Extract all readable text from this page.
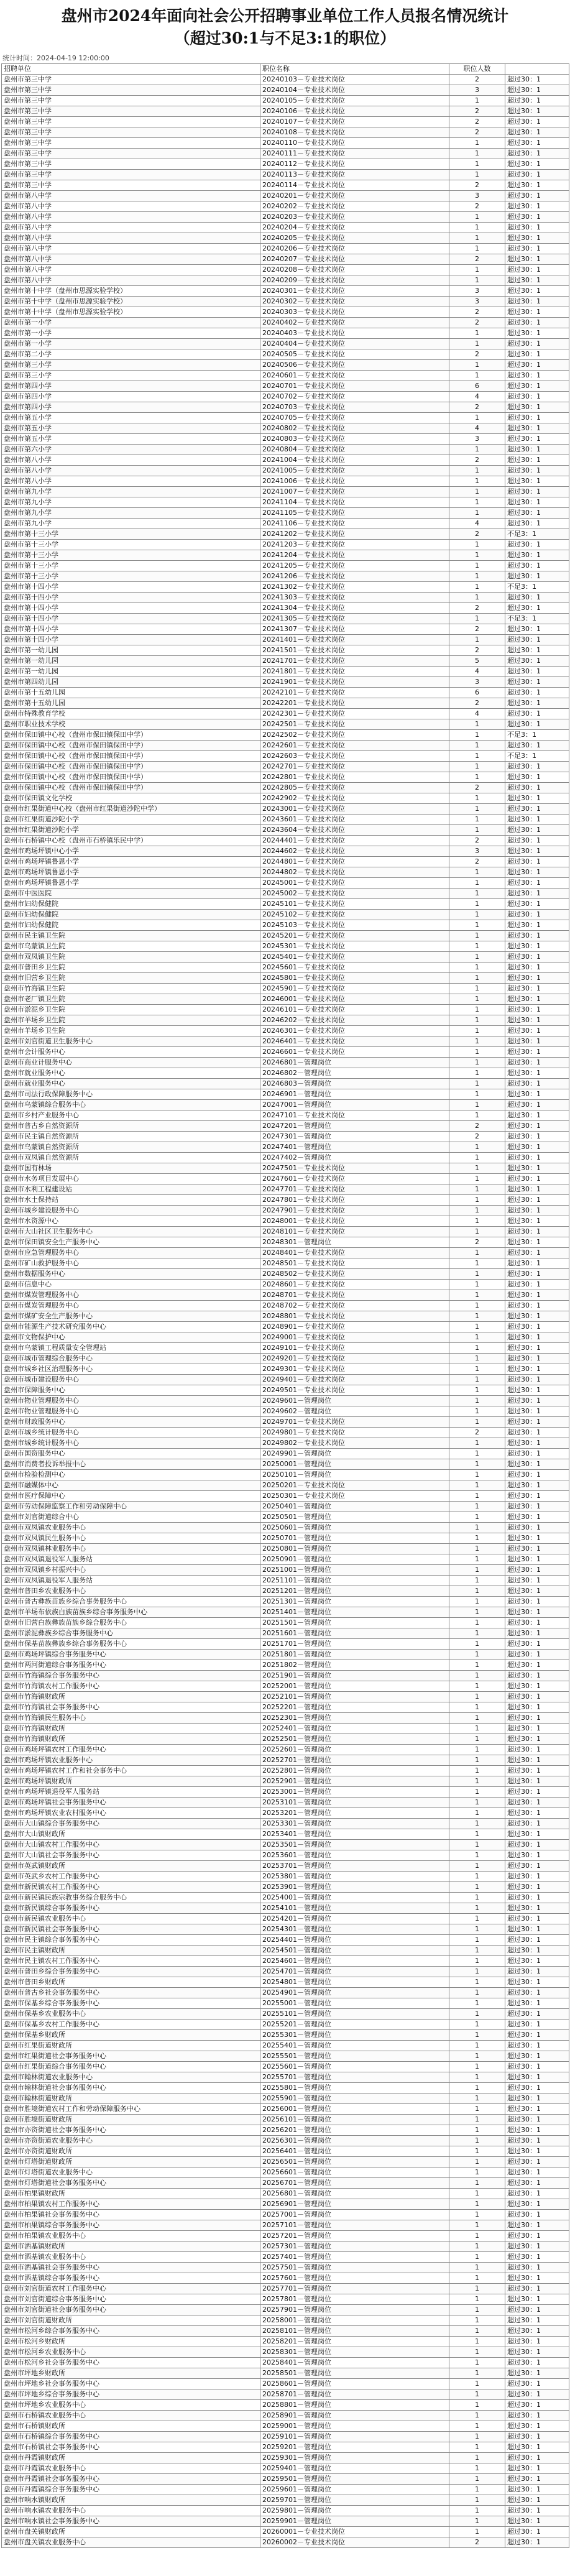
盘州市2024年面向社会公开招聘事业单位工作人员报名情况统计
（超过30:1与不足3:1的职位）
统计时间：2024-04-19 12:00:00
招聘单位	职位名称	职位人数	
盘州市第三中学	20240103－专业技术岗位	2	超过30：1
盘州市第三中学	20240104－专业技术岗位	3	超过30：1
盘州市第三中学	20240105－专业技术岗位	1	超过30：1
盘州市第三中学	20240106－专业技术岗位	2	超过30：1
盘州市第三中学	20240107－专业技术岗位	2	超过30：1
盘州市第三中学	20240108－专业技术岗位	2	超过30：1
盘州市第三中学	20240110－专业技术岗位	1	超过30：1
盘州市第三中学	20240111－专业技术岗位	1	超过30：1
盘州市第三中学	20240112－专业技术岗位	1	超过30：1
盘州市第三中学	20240113－专业技术岗位	1	超过30：1
盘州市第三中学	20240114－专业技术岗位	2	超过30：1
盘州市第八中学	20240201－专业技术岗位	3	超过30：1
盘州市第八中学	20240202－专业技术岗位	2	超过30：1
盘州市第八中学	20240203－专业技术岗位	1	超过30：1
盘州市第八中学	20240204－专业技术岗位	1	超过30：1
盘州市第八中学	20240205－专业技术岗位	1	超过30：1
盘州市第八中学	20240206－专业技术岗位	1	超过30：1
盘州市第八中学	20240207－专业技术岗位	2	超过30：1
盘州市第八中学	20240208－专业技术岗位	1	超过30：1
盘州市第八中学	20240209－专业技术岗位	1	超过30：1
盘州市第十中学（盘州市思源实验学校）	20240301－专业技术岗位	3	超过30：1
盘州市第十中学（盘州市思源实验学校）	20240302－专业技术岗位	3	超过30：1
盘州市第十中学（盘州市思源实验学校）	20240303－专业技术岗位	2	超过30：1
盘州市第一小学	20240402－专业技术岗位	2	超过30：1
盘州市第一小学	20240403－专业技术岗位	1	超过30：1
盘州市第一小学	20240404－专业技术岗位	1	超过30：1
盘州市第二小学	20240505－专业技术岗位	2	超过30：1
盘州市第三小学	20240506－专业技术岗位	1	超过30：1
盘州市第三小学	20240601－专业技术岗位	1	超过30：1
盘州市第四小学	20240701－专业技术岗位	6	超过30：1
盘州市第四小学	20240702－专业技术岗位	4	超过30：1
盘州市第四小学	20240703－专业技术岗位	2	超过30：1
盘州市第五小学	20240705－专业技术岗位	1	超过30：1
盘州市第五小学	20240802－专业技术岗位	4	超过30：1
盘州市第五小学	20240803－专业技术岗位	3	超过30：1
盘州市第六小学	20240804－专业技术岗位	1	超过30：1
盘州市第八小学	20241004－专业技术岗位	2	超过30：1
盘州市第八小学	20241005－专业技术岗位	1	超过30：1
盘州市第八小学	20241006－专业技术岗位	1	超过30：1
盘州市第九小学	20241007－专业技术岗位	1	超过30：1
盘州市第九小学	20241104－专业技术岗位	1	超过30：1
盘州市第九小学	20241105－专业技术岗位	1	超过30：1
盘州市第九小学	20241106－专业技术岗位	4	超过30：1
盘州市第十三小学	20241202－专业技术岗位	2	不足3：1
盘州市第十三小学	20241203－专业技术岗位	1	超过30：1
盘州市第十三小学	20241204－专业技术岗位	1	超过30：1
盘州市第十三小学	20241205－专业技术岗位	1	超过30：1
盘州市第十三小学	20241206－专业技术岗位	1	超过30：1
盘州市第十四小学	20241302－专业技术岗位	1	不足3：1
盘州市第十四小学	20241303－专业技术岗位	1	超过30：1
盘州市第十四小学	20241304－专业技术岗位	2	超过30：1
盘州市第十四小学	20241305－专业技术岗位	1	不足3：1
盘州市第十四小学	20241307－专业技术岗位	2	超过30：1
盘州市第十四小学	20241401－专业技术岗位	1	超过30：1
盘州市第一幼儿园	20241501－专业技术岗位	2	超过30：1
盘州市第一幼儿园	20241701－专业技术岗位	5	超过30：1
盘州市第一幼儿园	20241801－专业技术岗位	4	超过30：1
盘州市第四幼儿园	20241901－专业技术岗位	3	超过30：1
盘州市第十五幼儿园	20242101－专业技术岗位	6	超过30：1
盘州市第十五幼儿园	20242201－专业技术岗位	2	超过30：1
盘州市特殊教育学校	20242301－专业技术岗位	4	超过30：1
盘州市职业技术学校	20242501－专业技术岗位	1	超过30：1
盘州市保田镇中心校（盘州市保田镇保田中学）	20242502－专业技术岗位	1	不足3：1
盘州市保田镇中心校（盘州市保田镇保田中学）	20242601－专业技术岗位	1	超过30：1
盘州市保田镇中心校（盘州市保田镇保田中学）	20242603－专业技术岗位	1	不足3：1
盘州市保田镇中心校（盘州市保田镇保田中学）	20242701－专业技术岗位	1	超过30：1
盘州市保田镇中心校（盘州市保田镇保田中学）	20242801－专业技术岗位	1	超过30：1
盘州市保田镇中心校（盘州市保田镇保田中学）	20242805－专业技术岗位	2	超过30：1
盘州市保田镇文化学校	20242902－专业技术岗位	1	超过30：1
盘州市红果街道中心校（盘州市红果街道沙陀中学）	20243001－专业技术岗位	1	超过30：1
盘州市红果街道沙陀小学	20243601－专业技术岗位	1	超过30：1
盘州市红果街道沙陀小学	20243604－专业技术岗位	1	超过30：1
盘州市石桥镇中心校（盘州市石桥镇乐民中学）	20244401－专业技术岗位	2	超过30：1
盘州市鸡场坪镇中心小学	20244602－专业技术岗位	3	超过30：1
盘州市鸡场坪镇鲁恩小学	20244801－专业技术岗位	2	超过30：1
盘州市鸡场坪镇鲁恩小学	20244802－专业技术岗位	1	超过30：1
盘州市鸡场坪镇鲁恩小学	20245001－专业技术岗位	1	超过30：1
盘州市中医医院	20245002－专业技术岗位	1	超过30：1
盘州市妇幼保健院	20245101－专业技术岗位	1	超过30：1
盘州市妇幼保健院	20245102－专业技术岗位	1	超过30：1
盘州市妇幼保健院	20245103－专业技术岗位	1	超过30：1
盘州市民主镇卫生院	20245201－专业技术岗位	1	超过30：1
盘州市乌蒙镇卫生院	20245301－专业技术岗位	1	超过30：1
盘州市双凤镇卫生院	20245401－专业技术岗位	1	超过30：1
盘州市普田乡卫生院	20245601－专业技术岗位	1	超过30：1
盘州市旧营乡卫生院	20245801－专业技术岗位	1	超过30：1
盘州市竹海镇卫生院	20245901－专业技术岗位	1	超过30：1
盘州市老厂镇卫生院	20246001－专业技术岗位	1	超过30：1
盘州市淤泥乡卫生院	20246101－专业技术岗位	1	超过30：1
盘州市羊场乡卫生院	20246202－专业技术岗位	1	超过30：1
盘州市羊场乡卫生院	20246301－专业技术岗位	1	超过30：1
盘州市刘官街道卫生服务中心	20246401－专业技术岗位	1	超过30：1
盘州市会计服务中心	20246601－专业技术岗位	1	超过30：1
盘州市商业计服务中心	20246801－管理岗位	1	超过30：1
盘州市就业服务中心	20246802－管理岗位	1	超过30：1
盘州市就业服务中心	20246803－管理岗位	1	超过30：1
盘州市司法行政保障服务中心	20246901－管理岗位	1	超过30：1
盘州市乌蒙镇综合服务中心	20247001－管理岗位	1	超过30：1
盘州市乡村产业服务中心	20247101－专业技术岗位	1	超过30：1
盘州市普古乡自然资源所	20247201－管理岗位	2	超过30：1
盘州市民主镇自然资源所	20247301－管理岗位	2	超过30：1
盘州市乌蒙镇自然资源所	20247401－管理岗位	1	超过30：1
盘州市双凤镇自然资源所	20247402－管理岗位	1	超过30：1
盘州市国有林场	20247501－专业技术岗位	1	超过30：1
盘州市水务项目发展中心	20247601－专业技术岗位	1	超过30：1
盘州市水利工程建设站	20247701－专业技术岗位	1	超过30：1
盘州市水土保持站	20247801－专业技术岗位	1	超过30：1
盘州市城乡建设服务中心	20247901－专业技术岗位	1	超过30：1
盘州市水资源中心	20248001－专业技术岗位	1	超过30：1
盘州市大山社区卫生服务中心	20248101－专业技术岗位	1	超过30：1
盘州市保田镇安全生产服务中心	20248301－管理岗位	2	超过30：1
盘州市应急管理服务中心	20248401－专业技术岗位	1	超过30：1
盘州市矿山救护服务中心	20248501－专业技术岗位	1	超过30：1
盘州市数据服务中心	20248502－专业技术岗位	1	超过30：1
盘州市信息中心	20248601－专业技术岗位	1	超过30：1
盘州市煤炭管理服务中心	20248701－专业技术岗位	1	超过30：1
盘州市煤炭管理服务中心	20248702－专业技术岗位	1	超过30：1
盘州市煤矿安全生产服务中心	20248801－专业技术岗位	1	超过30：1
盘州市能源生产技术研究服务中心	20248901－专业技术岗位	1	超过30：1
盘州市文物保护中心	20249001－专业技术岗位	1	超过30：1
盘州市乌蒙镇工程质量安全管理站	20249101－专业技术岗位	1	超过30：1
盘州市城市管理综合服务中心	20249201－专业技术岗位	1	超过30：1
盘州市城乡社区治理服务中心	20249301－专业技术岗位	1	超过30：1
盘州市城市建设服务中心	20249401－专业技术岗位	1	超过30：1
盘州市保障服务中心	20249501－专业技术岗位	1	超过30：1
盘州市物业管理服务中心	20249601－管理岗位	1	超过30：1
盘州市物业管理服务中心	20249602－管理岗位	1	超过30：1
盘州市财政服务中心	20249701－专业技术岗位	1	超过30：1
盘州市城乡统计服务中心	20249801－专业技术岗位	2	超过30：1
盘州市城乡统计服务中心	20249802－专业技术岗位	1	超过30：1
盘州市国资服务中心	20249901－管理岗位	1	超过30：1
盘州市消费者投诉举报中心	20250001－管理岗位	1	超过30：1
盘州市检验检测中心	20250101－管理岗位	1	超过30：1
盘州市融媒体中心	20250201－专业技术岗位	1	超过30：1
盘州市医疗保障中心	20250301－专业技术岗位	1	超过30：1
盘州市劳动保障监察工作和劳动保障中心	20250401－管理岗位	1	超过30：1
盘州市刘官街道综合中心	20250501－管理岗位	1	超过30：1
盘州市双凤镇农业服务中心	20250601－管理岗位	1	超过30：1
盘州市双凤镇民生服务中心	20250701－管理岗位	1	超过30：1
盘州市双凤镇林业服务中心	20250801－管理岗位	1	超过30：1
盘州市双凤镇退役军人服务站	20250901－管理岗位	1	超过30：1
盘州市双凤镇乡村振兴中心	20251001－管理岗位	1	超过30：1
盘州市双凤镇退役军人服务站	20251101－管理岗位	1	超过30：1
盘州市普田乡农业服务中心	20251201－管理岗位	1	超过30：1
盘州市普古彝族苗族乡综合事务服务中心	20251301－管理岗位	1	超过30：1
盘州市羊场布依族白族苗族乡综合事务服务中心	20251401－管理岗位	1	超过30：1
盘州市旧营白族彝族苗族乡综合服务中心	20251501－管理岗位	1	超过30：1
盘州市淤泥彝族乡综合事务服务中心	20251601－管理岗位	1	超过30：1
盘州市保基苗族彝族乡综合事务服务中心	20251701－管理岗位	1	超过30：1
盘州市鸡场坪镇综合事务服务中心	20251801－管理岗位	1	超过30：1
盘州市两河街道综合事务服务中心	20251802－管理岗位	1	超过30：1
盘州市竹海镇综合事务服务中心	20251901－管理岗位	1	超过30：1
盘州市竹海镇农村工作服务中心	20252001－管理岗位	1	超过30：1
盘州市竹海镇财政所	20252101－管理岗位	1	超过30：1
盘州市竹海镇社会事务服务中心	20252201－管理岗位	1	超过30：1
盘州市竹海镇民生服务中心	20252301－管理岗位	1	超过30：1
盘州市竹海镇财政所	20252401－管理岗位	1	超过30：1
盘州市竹海镇财政所	20252501－管理岗位	1	超过30：1
盘州市鸡场坪镇农村工作服务中心	20252601－管理岗位	1	超过30：1
盘州市鸡场坪镇农业服务中心	20252701－管理岗位	1	超过30：1
盘州市鸡场坪镇农村工作和社会事务中心	20252801－管理岗位	1	超过30：1
盘州市鸡场坪镇财政所	20252901－管理岗位	1	超过30：1
盘州市鸡场坪镇退役军人服务站	20253001－管理岗位	1	超过30：1
盘州市鸡场坪镇社会事务服务中心	20253101－管理岗位	1	超过30：1
盘州市鸡场坪镇农业农村服务中心	20253201－管理岗位	1	超过30：1
盘州市大山镇综合事务服务中心	20253301－管理岗位	1	超过30：1
盘州市大山镇财政所	20253401－管理岗位	1	超过30：1
盘州市大山镇农村工作服务中心	20253501－管理岗位	1	超过30：1
盘州市大山镇社会事务服务中心	20253601－管理岗位	1	超过30：1
盘州市英武镇财政所	20253701－管理岗位	1	超过30：1
盘州市英武乡农村工作服务中心	20253801－管理岗位	1	超过30：1
盘州市新民镇农村工作服务中心	20253901－管理岗位	1	超过30：1
盘州市新民镇民族宗教事务综合服务中心	20254001－管理岗位	1	超过30：1
盘州市新民镇综合事务服务中心	20254101－管理岗位	1	超过30：1
盘州市新民镇农业服务中心	20254201－管理岗位	1	超过30：1
盘州市新民镇社会事务服务中心	20254301－管理岗位	1	超过30：1
盘州市民主镇综合事务服务中心	20254401－管理岗位	1	超过30：1
盘州市民主镇财政所	20254501－管理岗位	1	超过30：1
盘州市民主镇农村工作服务中心	20254601－管理岗位	1	超过30：1
盘州市普田乡综合事务服务中心	20254701－管理岗位	1	超过30：1
盘州市普田乡财政所	20254801－管理岗位	1	超过30：1
盘州市普古乡社会事务服务中心	20254901－管理岗位	1	超过30：1
盘州市保基乡综合事务服务中心	20255001－管理岗位	1	超过30：1
盘州市保基乡农业服务中心	20255101－管理岗位	1	超过30：1
盘州市保基乡农村工作服务中心	20255201－管理岗位	1	超过30：1
盘州市保基乡财政所	20255301－管理岗位	1	超过30：1
盘州市红果街道财政所	20255401－管理岗位	1	超过30：1
盘州市红果街道社会事务服务中心	20255501－管理岗位	1	超过30：1
盘州市红果街道综合事务服务中心	20255601－管理岗位	1	超过30：1
盘州市翰林街道农业服务中心	20255701－管理岗位	1	超过30：1
盘州市翰林街道社会事务服务中心	20255801－管理岗位	1	超过30：1
盘州市翰林街道财政所	20255901－管理岗位	1	超过30：1
盘州市胜境街道农村工作和劳动保障服务中心	20256001－管理岗位	1	超过30：1
盘州市胜境街道财政所	20256101－管理岗位	1	超过30：1
盘州市亦资街道社会事务服务中心	20256201－管理岗位	1	超过30：1
盘州市亦资街道农业服务中心	20256301－管理岗位	1	超过30：1
盘州市亦资街道财政所	20256401－管理岗位	1	超过30：1
盘州市灯塔街道财政所	20256501－管理岗位	1	超过30：1
盘州市灯塔街道农业服务中心	20256601－管理岗位	1	超过30：1
盘州市灯塔街道社会事务服务中心	20256701－管理岗位	1	超过30：1
盘州市柏果镇财政所	20256801－管理岗位	1	超过30：1
盘州市柏果镇农村工作服务中心	20256901－管理岗位	1	超过30：1
盘州市柏果镇社会事务服务中心	20257001－管理岗位	1	超过30：1
盘州市柏果镇综合事务服务中心	20257101－管理岗位	1	超过30：1
盘州市柏果镇农业服务中心	20257201－管理岗位	1	超过30：1
盘州市洒基镇财政所	20257301－管理岗位	1	超过30：1
盘州市洒基镇农业服务中心	20257401－管理岗位	1	超过30：1
盘州市洒基镇社会事务服务中心	20257501－管理岗位	1	超过30：1
盘州市洒基镇综合事务服务中心	20257601－管理岗位	1	超过30：1
盘州市刘官街道农村工作服务中心	20257701－管理岗位	1	超过30：1
盘州市刘官街道综合事务服务中心	20257801－管理岗位	1	超过30：1
盘州市刘官街道社会事务服务中心	20257901－管理岗位	1	超过30：1
盘州市刘官街道财政所	20258001－管理岗位	1	超过30：1
盘州市松河乡综合事务服务中心	20258101－管理岗位	1	超过30：1
盘州市松河乡财政所	20258201－管理岗位	1	超过30：1
盘州市松河乡农业服务中心	20258301－管理岗位	1	超过30：1
盘州市松河乡社会事务服务中心	20258401－管理岗位	1	超过30：1
盘州市坪地乡财政所	20258501－管理岗位	1	超过30：1
盘州市坪地乡社会事务服务中心	20258601－管理岗位	1	超过30：1
盘州市坪地乡综合事务服务中心	20258701－管理岗位	1	超过30：1
盘州市坪地乡农业服务中心	20258801－管理岗位	1	超过30：1
盘州市石桥镇农业服务中心	20258901－管理岗位	1	超过30：1
盘州市石桥镇财政所	20259001－管理岗位	1	超过30：1
盘州市石桥镇综合事务服务中心	20259101－管理岗位	1	超过30：1
盘州市石桥镇社会事务服务中心	20259201－管理岗位	1	超过30：1
盘州市丹霞镇财政所	20259301－管理岗位	1	超过30：1
盘州市丹霞镇农业服务中心	20259401－管理岗位	1	超过30：1
盘州市丹霞镇社会事务服务中心	20259501－管理岗位	1	超过30：1
盘州市丹霞镇综合事务服务中心	20259601－管理岗位	1	超过30：1
盘州市响水镇财政所	20259701－管理岗位	1	超过30：1
盘州市响水镇农业服务中心	20259801－管理岗位	1	超过30：1
盘州市响水镇社会事务服务中心	20259901－管理岗位	1	超过30：1
盘州市盘关镇财政所	20260001－专业技术岗位	1	超过30：1
盘州市盘关镇农业服务中心	20260002－专业技术岗位	2	超过30：1
